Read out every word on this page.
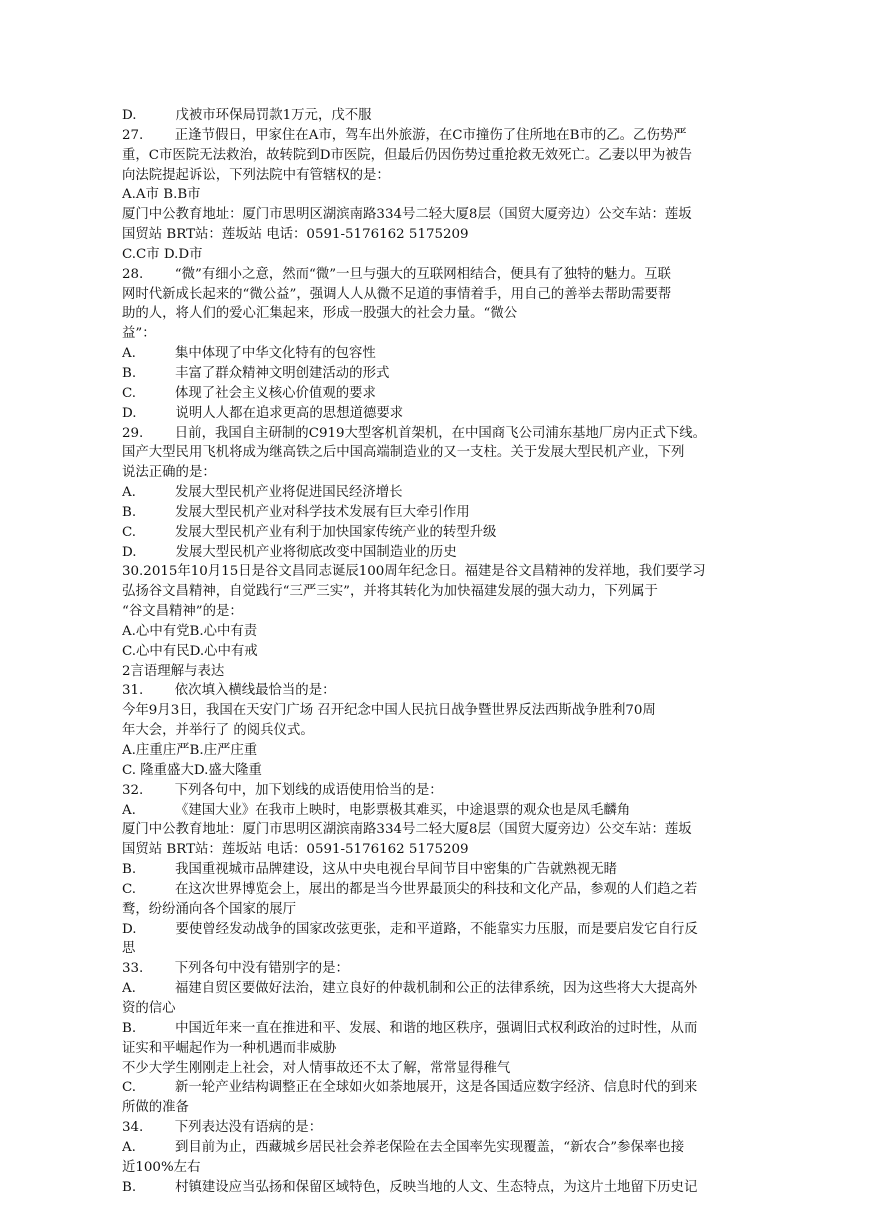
D.	戊被市环保局罚款1万元，戊不服
27. 正逢节假日，甲家住在A市，驾车出外旅游，在C市撞伤了住所地在B市的乙。乙伤势严
重，C市医院无法救治，故转院到D市医院，但最后仍因伤势过重抢救无效死亡。乙妻以甲为被告
向法院提起诉讼，下列法院中有管辖权的是：
A.A市 B.B市
厦门中公教育地址：厦门市思明区湖滨南路334号二轻大厦8层（国贸大厦旁边）公交车站：莲坂
国贸站 BRT站：莲坂站 电话：0591-5176162 5175209
C.C市 D.D市
28. “微”有细小之意，然而“微”一旦与强大的互联网相结合，便具有了独特的魅力。互联
网时代新成长起来的“微公益”，强调人人从微不足道的事情着手，用自己的善举去帮助需要帮
助的人，将人们的爱心汇集起来，形成一股强大的社会力量。“微公
益”：
A.	集中体现了中华文化特有的包容性
B.	丰富了群众精神文明创建活动的形式
C.	体现了社会主义核心价值观的要求
D.	说明人人都在追求更高的思想道德要求
29. 日前，我国自主研制的C919大型客机首架机，在中国商飞公司浦东基地厂房内正式下线。
国产大型民用飞机将成为继高铁之后中国高端制造业的又一支柱。关于发展大型民机产业，下列
说法正确的是：
A.	发展大型民机产业将促进国民经济增长
B.	发展大型民机产业对科学技术发展有巨大牵引作用
C.	发展大型民机产业有利于加快国家传统产业的转型升级
D.	发展大型民机产业将彻底改变中国制造业的历史
30.2015年10月15日是谷文昌同志诞辰100周年纪念日。福建是谷文昌精神的发祥地，我们要学习
弘扬谷文昌精神，自觉践行“三严三实”，并将其转化为加快福建发展的强大动力，下列属于
“谷文昌精神”的是：
A.心中有党B.心中有责
C.心中有民D.心中有戒
2言语理解与表达
31. 依次填入横线最恰当的是：
今年9月3日，我国在天安门广场 召开纪念中国人民抗日战争暨世界反法西斯战争胜利70周
年大会，并举行了 的阅兵仪式。
A.庄重庄严B.庄严庄重
C. 隆重盛大D.盛大隆重
32. 下列各句中，加下划线的成语使用恰当的是：
A.	《建国大业》在我市上映时，电影票极其难买，中途退票的观众也是凤毛麟角
厦门中公教育地址：厦门市思明区湖滨南路334号二轻大厦8层（国贸大厦旁边）公交车站：莲坂
国贸站 BRT站：莲坂站 电话：0591-5176162 5175209
B.	我国重视城市品牌建设，这从中央电视台早间节目中密集的广告就熟视无睹
C.	在这次世界博览会上，展出的都是当今世界最顶尖的科技和文化产品，参观的人们趋之若
鹜，纷纷涌向各个国家的展厅
D.	要使曾经发动战争的国家改弦更张，走和平道路，不能靠实力压服，而是要启发它自行反
思
33. 下列各句中没有错别字的是：
A.	福建自贸区要做好法治，建立良好的仲裁机制和公正的法律系统，因为这些将大大提高外
资的信心
B.	中国近年来一直在推进和平、发展、和谐的地区秩序，强调旧式权利政治的过时性，从而
证实和平崛起作为一种机遇而非威胁
不少大学生刚刚走上社会，对人情事故还不太了解，常常显得稚气
C.	新一轮产业结构调整正在全球如火如荼地展开，这是各国适应数字经济、信息时代的到来
所做的准备
34. 下列表达没有语病的是：
A.	到目前为止，西藏城乡居民社会养老保险在去全国率先实现覆盖，“新农合”参保率也接
近100%左右
B.	村镇建设应当弘扬和保留区域特色，反映当地的人文、生态特点，为这片土地留下历史记
